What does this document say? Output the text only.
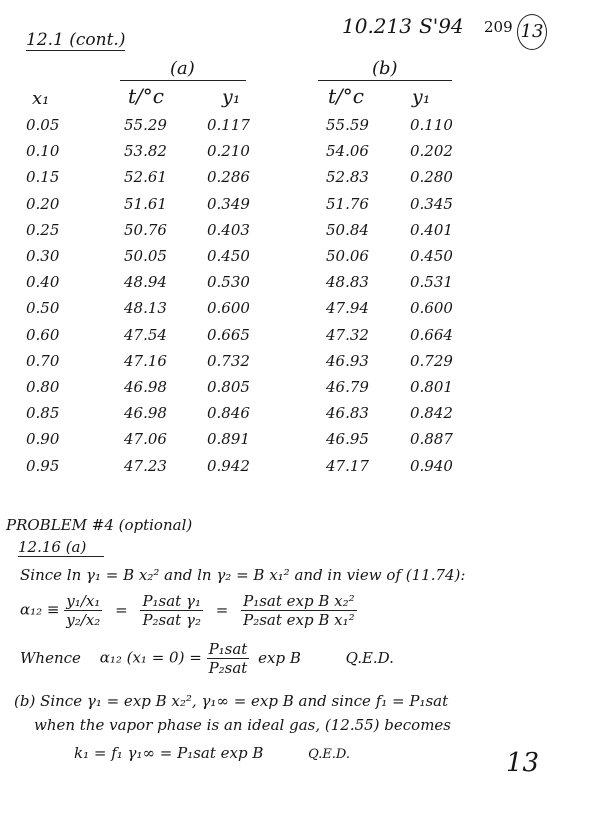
12.1 (cont.)
10.213 S'94 209 13
(a)	(b)
x₁	t/°c	y₁	t/°c	y₁
0.05	55.29	0.117	55.59	0.110
0.10	53.82	0.210	54.06	0.202
0.15	52.61	0.286	52.83	0.280
0.20	51.61	0.349	51.76	0.345
0.25	50.76	0.403	50.84	0.401
0.30	50.05	0.450	50.06	0.450
0.40	48.94	0.530	48.83	0.531
0.50	48.13	0.600	47.94	0.600
0.60	47.54	0.665	47.32	0.664
0.70	47.16	0.732	46.93	0.729
0.80	46.98	0.805	46.79	0.801
0.85	46.98	0.846	46.83	0.842
0.90	47.06	0.891	46.95	0.887
0.95	47.23	0.942	47.17	0.940
PROBLEM #4 (optional)
12.16 (a)
Since ln γ₁ = B x₂² and ln γ₂ = B x₁² and in view of (11.74):
$\alpha_{12} \equiv \frac{\text{y₁/x₁}}{\text{y₂/x₂}} = \frac{\text{P₁sat γ₁}}{\text{P₂sat γ₂}} = \frac{\text{P₁sat exp B x₂²}}{\text{P₂sat exp B x₁²}}$
Whence α₁₂ $(x_1 = 0) = \frac{\text{P₁sat}}{\text{P₂sat}}$ exp B	Q.E.D.
(b) Since γ₁ = exp B x₂², γ₁∞ = exp B and since f₁ = P₁sat
when the vapor phase is an ideal gas, (12.55) becomes
k₁ = f₁ γ₁∞ = P₁sat exp B	Q.E.D.	13
